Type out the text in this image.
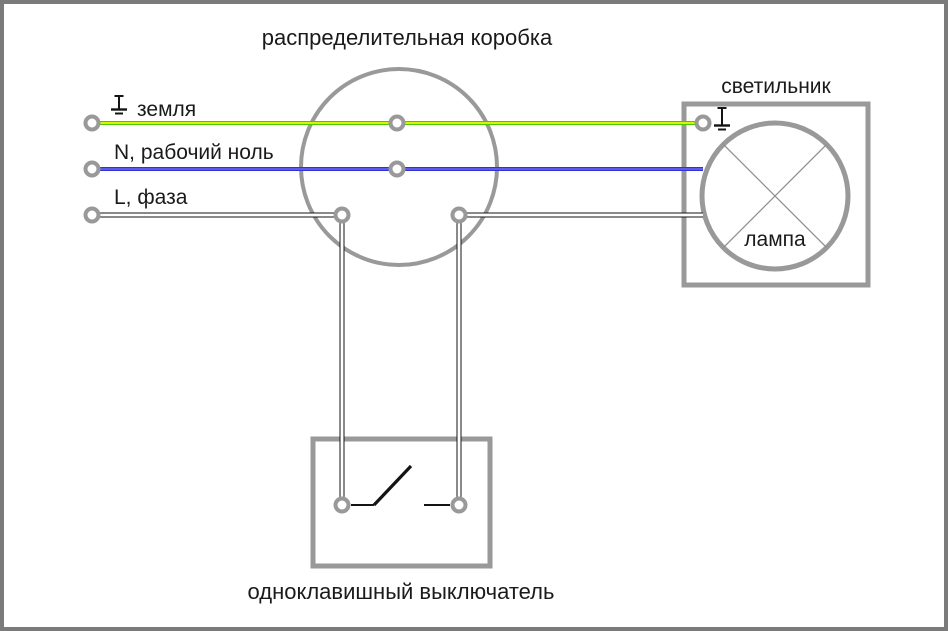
распределительная коробка
светильник
земля
N, рабочий ноль
L, фаза
лампа
одноклавишный выключатель
